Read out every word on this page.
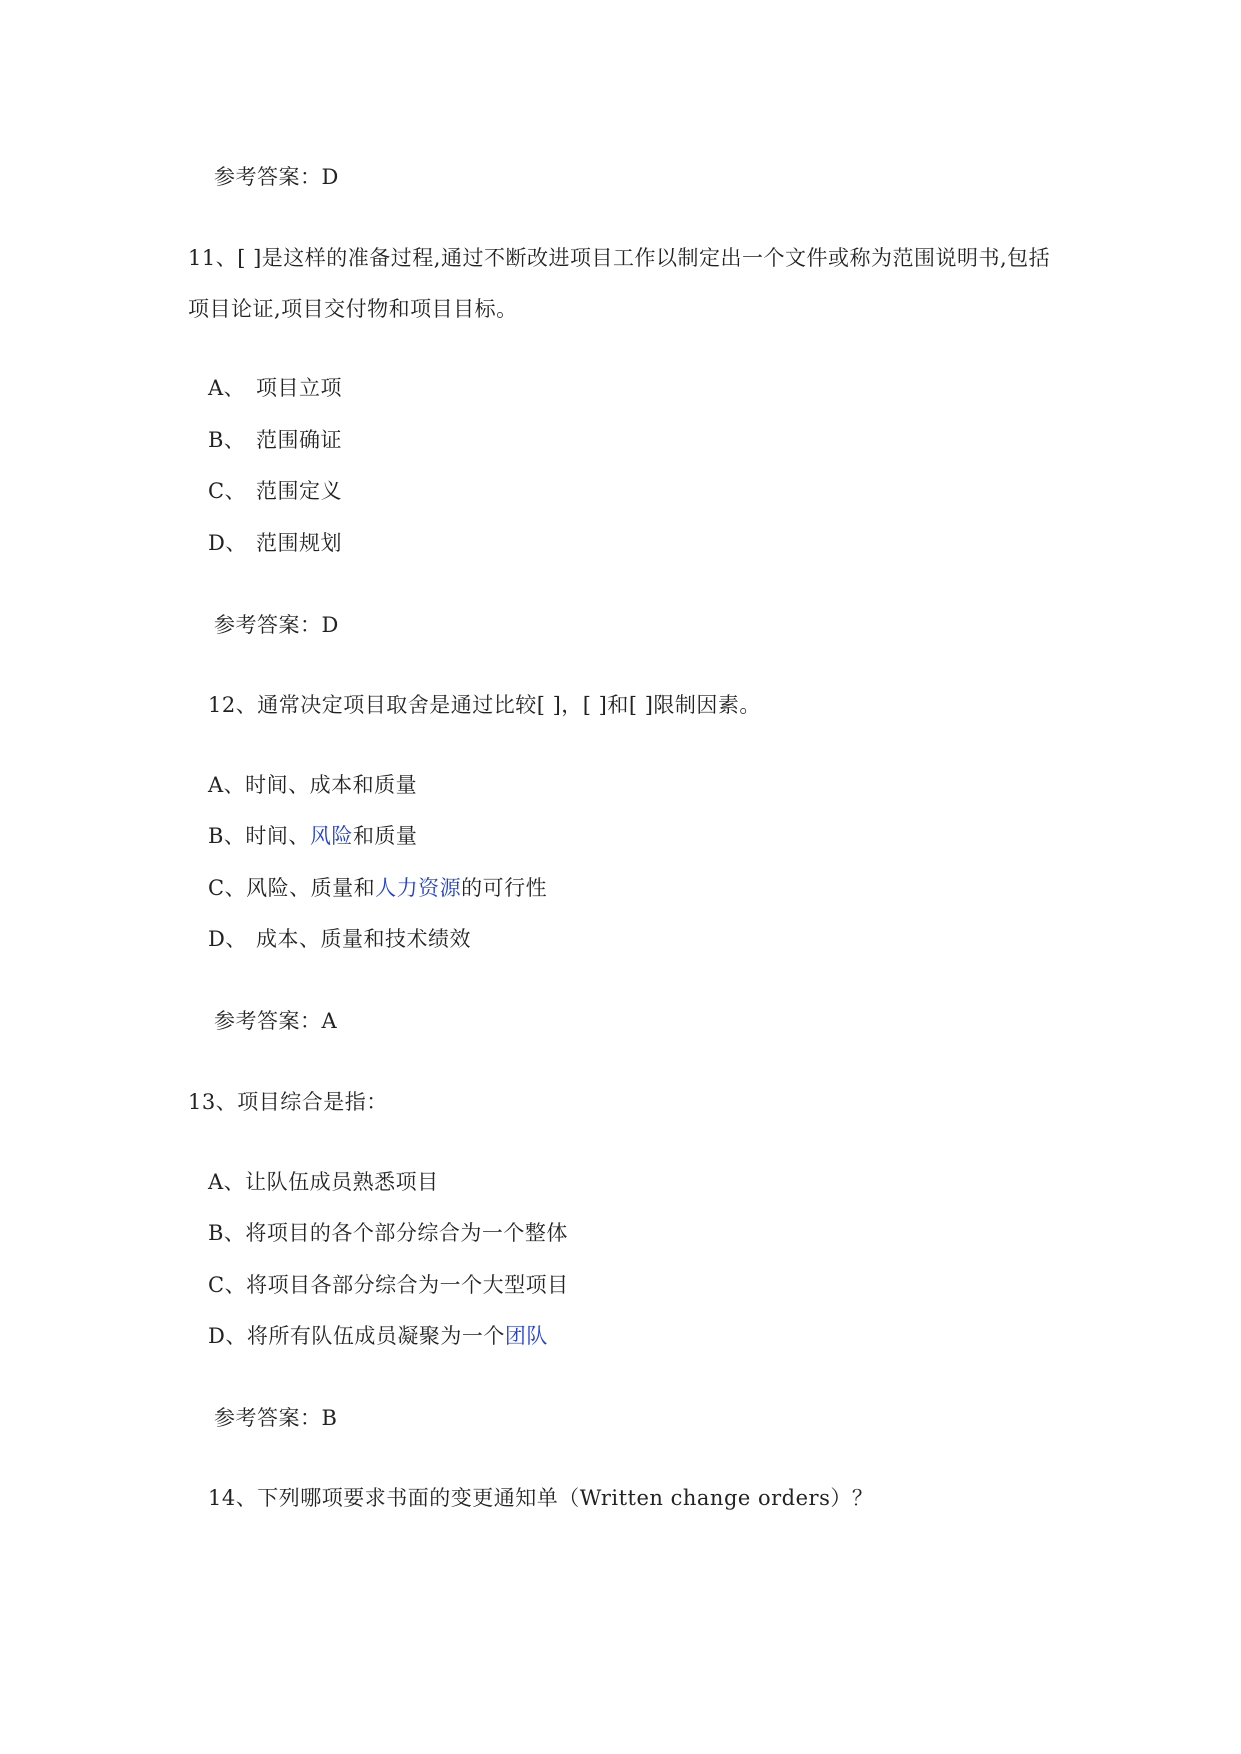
参考答案：D
11、[ ]是这样的准备过程,通过不断改进项目工作以制定出一个文件或称为范围说明书,包括
项目论证,项目交付物和项目目标。
A、 项目立项
B、 范围确证
C、 范围定义
D、 范围规划
参考答案：D
12、通常决定项目取舍是通过比较[ ]，[ ]和[ ]限制因素。
A、时间、成本和质量
B、时间、风险和质量
C、风险、质量和人力资源的可行性
D、 成本、质量和技术绩效
参考答案：A
13、项目综合是指：
A、让队伍成员熟悉项目
B、将项目的各个部分综合为一个整体
C、将项目各部分综合为一个大型项目
D、将所有队伍成员凝聚为一个团队
参考答案：B
14、下列哪项要求书面的变更通知单（Written change orders）？
